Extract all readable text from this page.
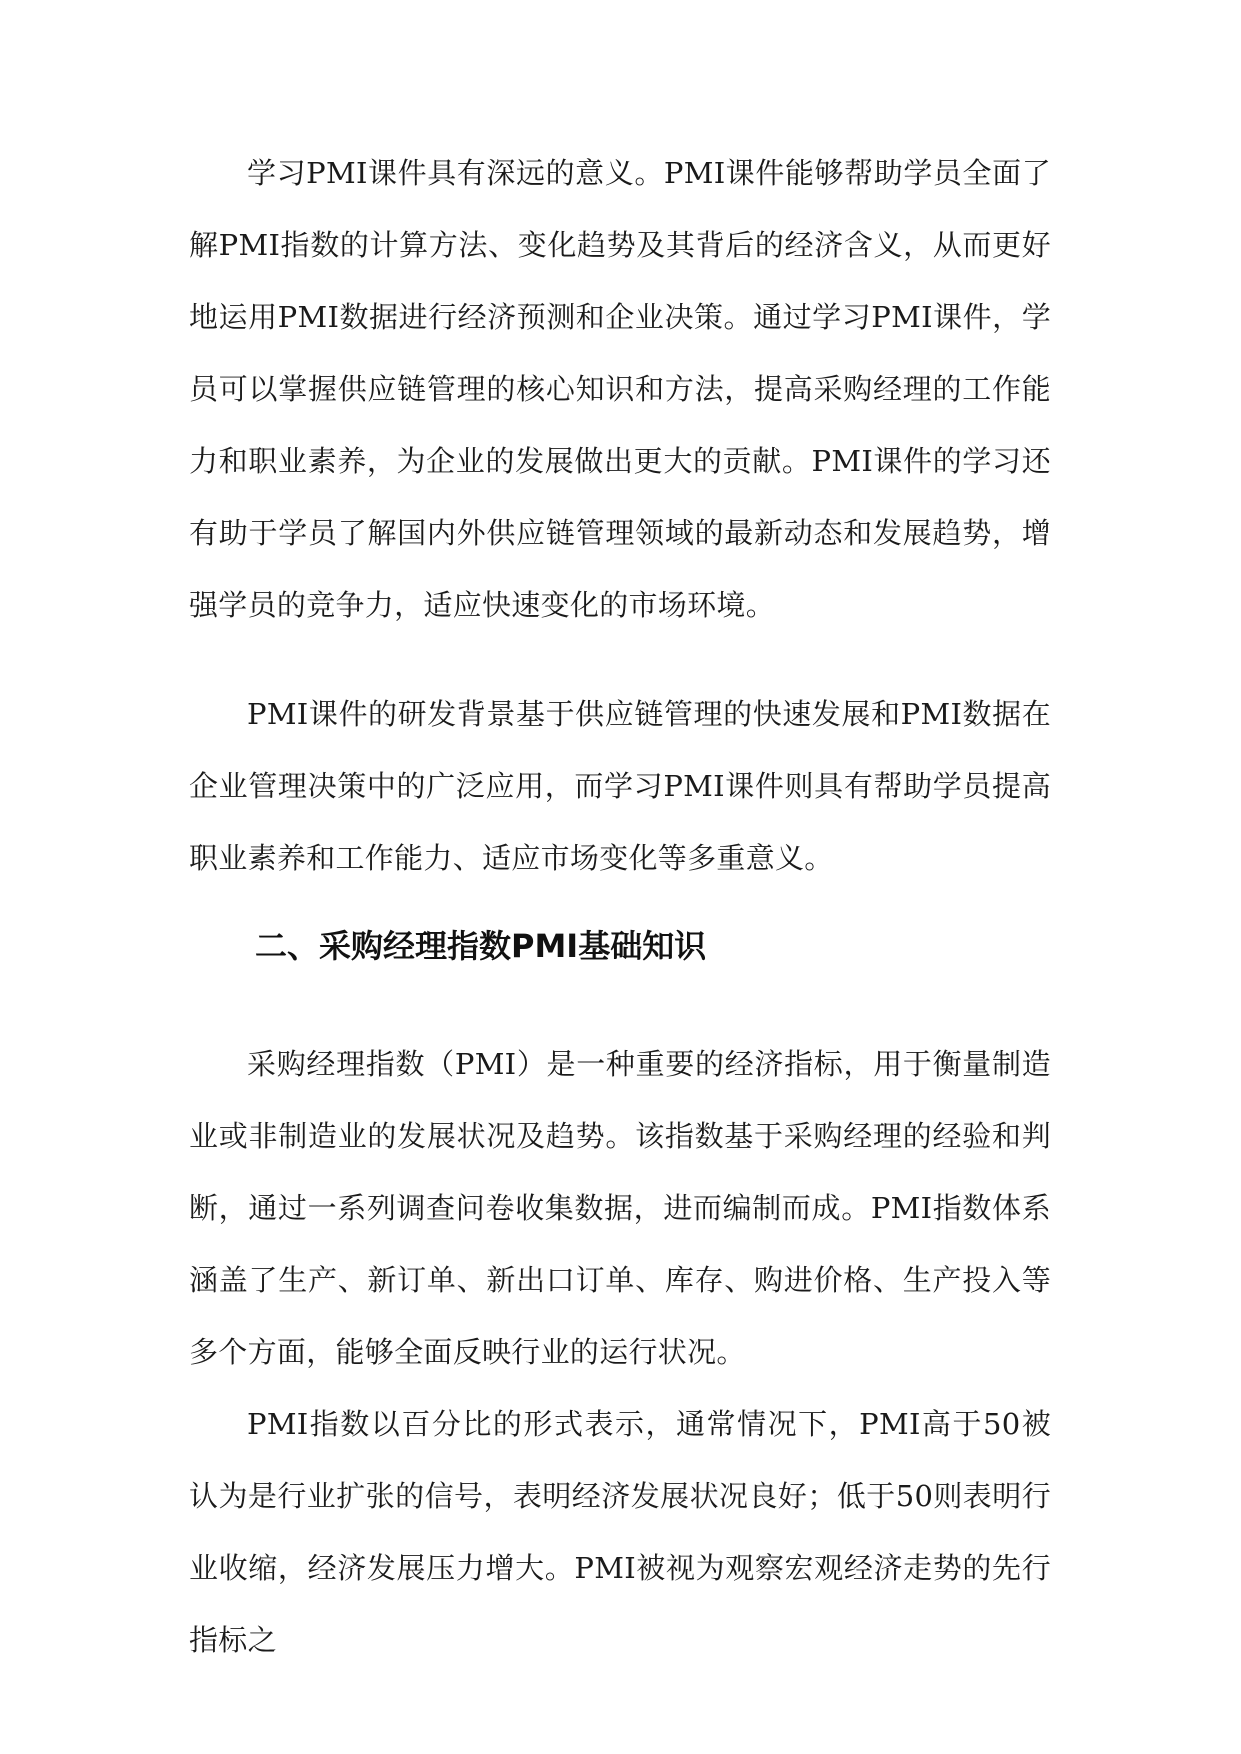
学习PMI课件具有深远的意义。PMI课件能够帮助学员全面了解PMI指数的计算方法、变化趋势及其背后的经济含义，从而更好地运用PMI数据进行经济预测和企业决策。通过学习PMI课件，学员可以掌握供应链管理的核心知识和方法，提高采购经理的工作能力和职业素养，为企业的发展做出更大的贡献。PMI课件的学习还有助于学员了解国内外供应链管理领域的最新动态和发展趋势，增强学员的竞争力，适应快速变化的市场环境。

PMI课件的研发背景基于供应链管理的快速发展和PMI数据在企业管理决策中的广泛应用，而学习PMI课件则具有帮助学员提高职业素养和工作能力、适应市场变化等多重意义。

二、采购经理指数PMI基础知识

采购经理指数（PMI）是一种重要的经济指标，用于衡量制造业或非制造业的发展状况及趋势。该指数基于采购经理的经验和判断，通过一系列调查问卷收集数据，进而编制而成。PMI指数体系涵盖了生产、新订单、新出口订单、库存、购进价格、生产投入等多个方面，能够全面反映行业的运行状况。

PMI指数以百分比的形式表示，通常情况下，PMI高于50被认为是行业扩张的信号，表明经济发展状况良好；低于50则表明行业收缩，经济发展压力增大。PMI被视为观察宏观经济走势的先行指标之
